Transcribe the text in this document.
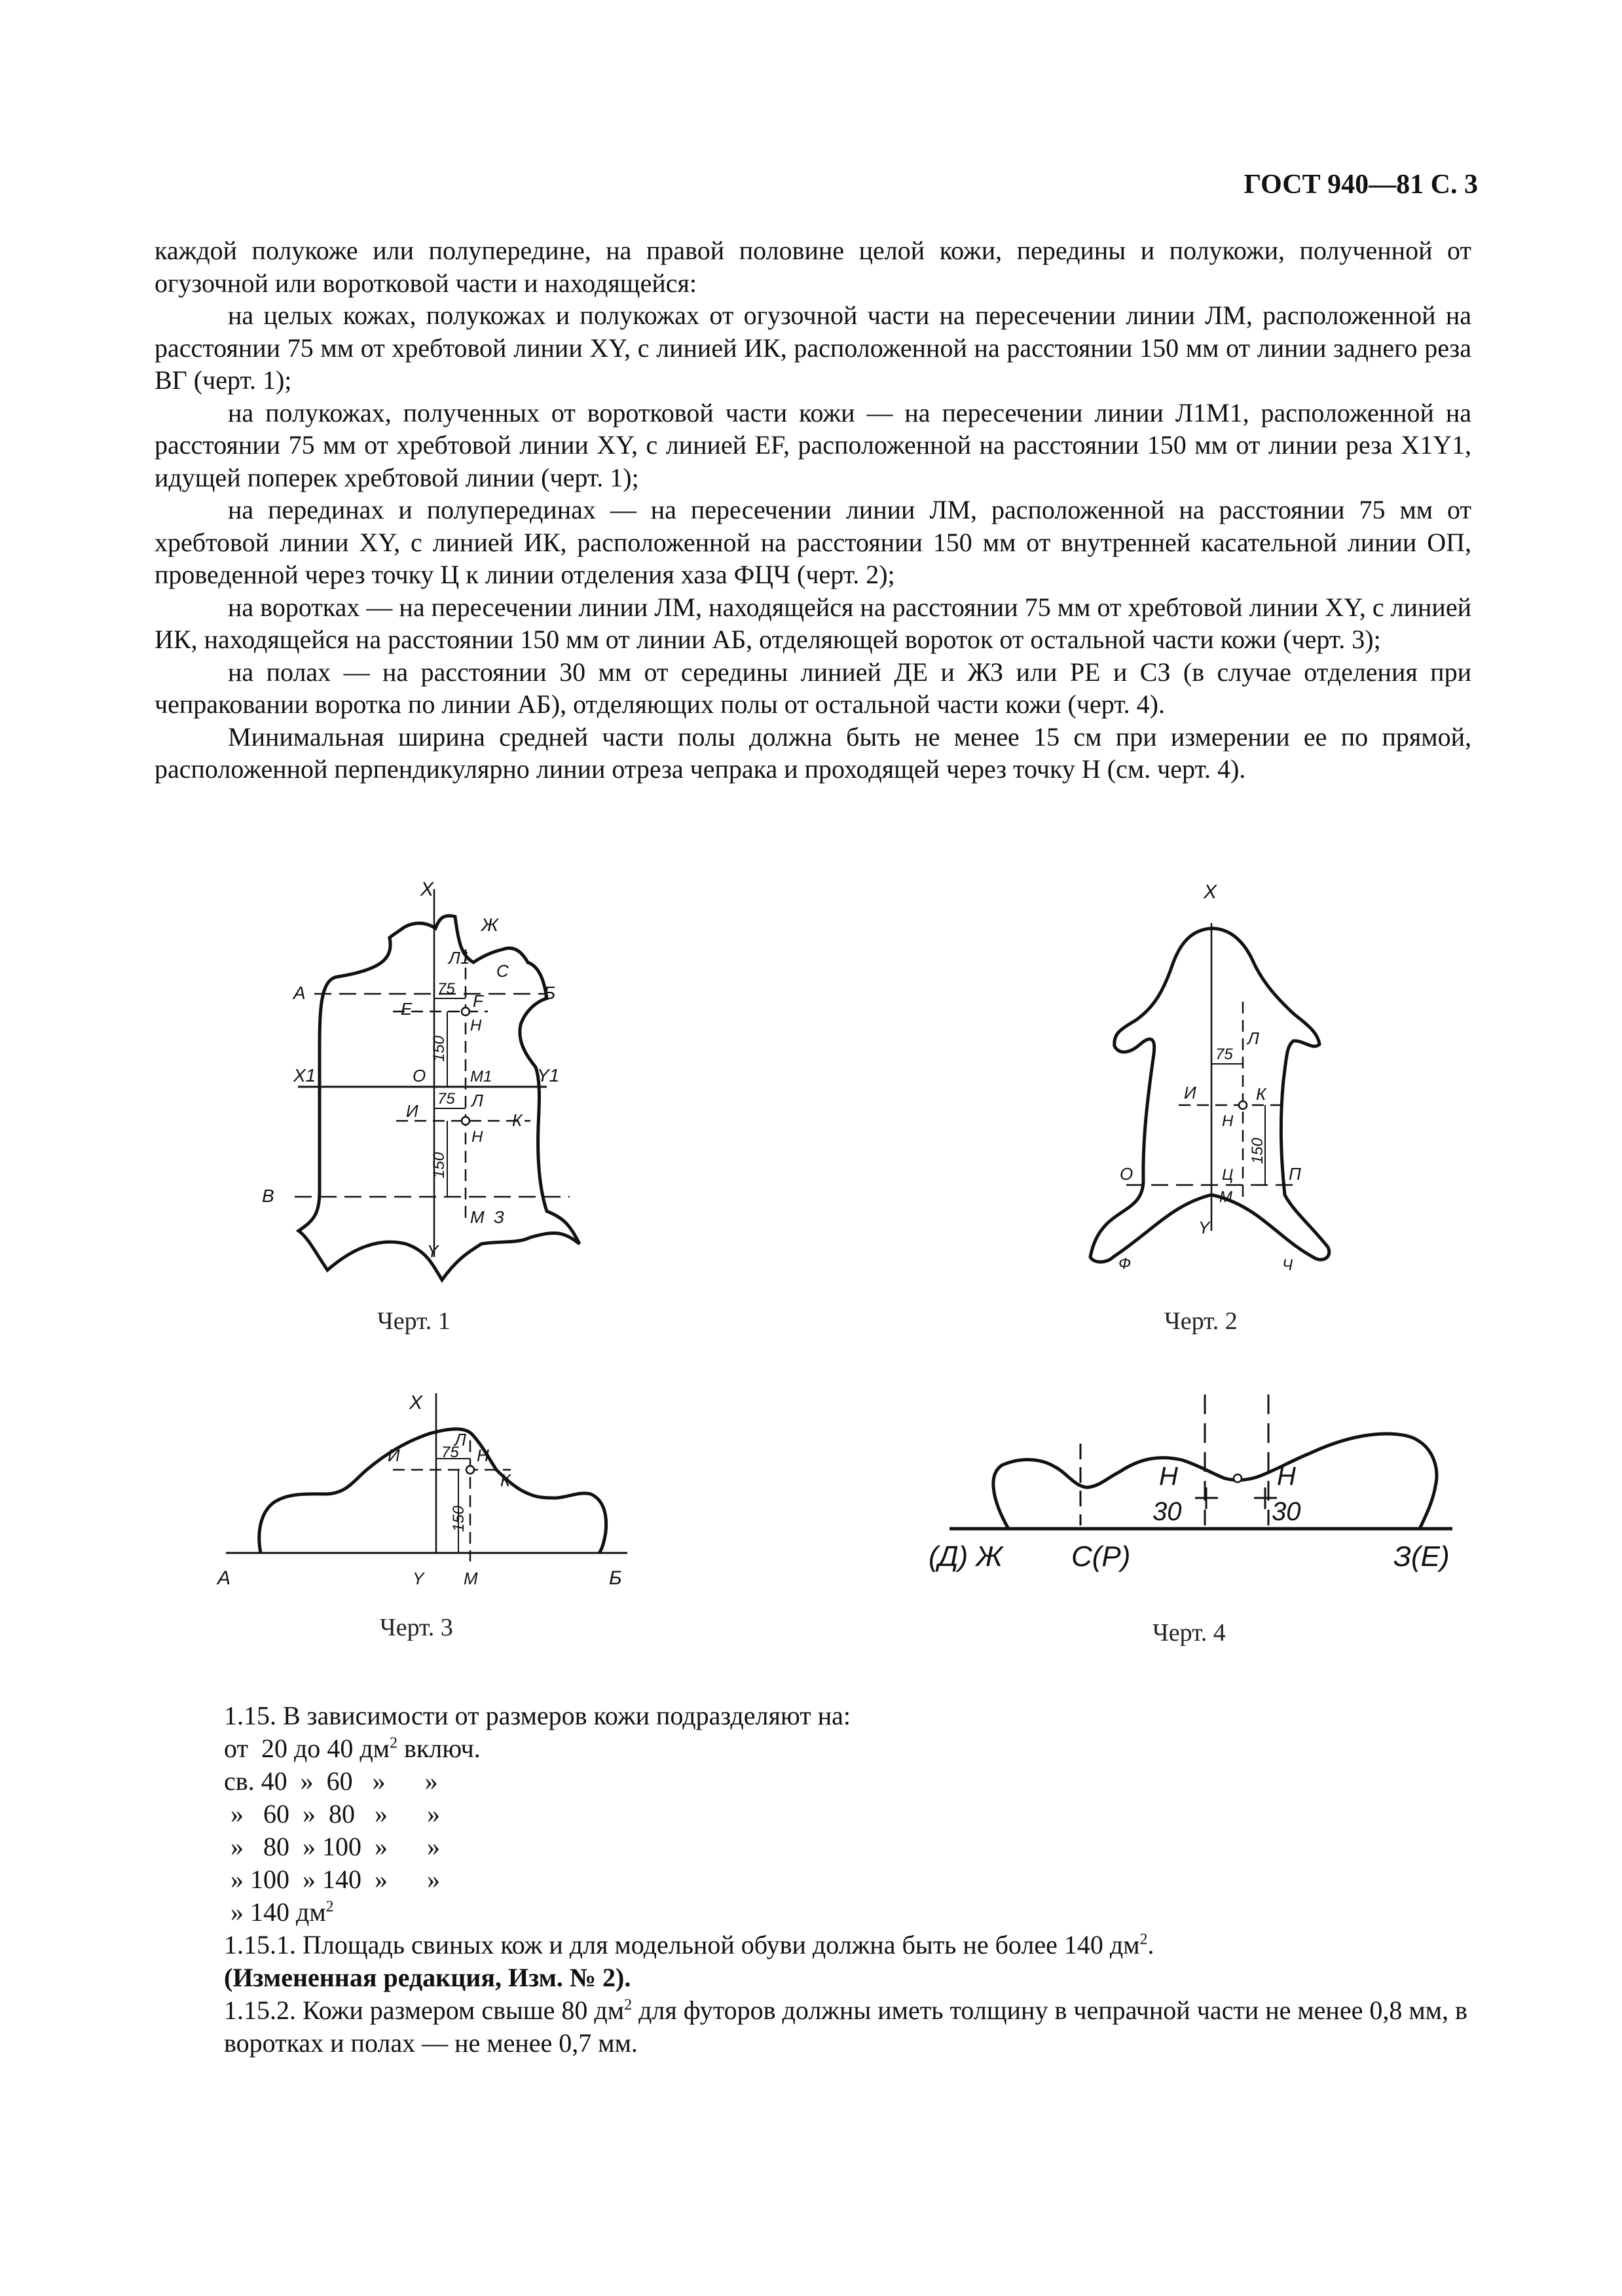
ГОСТ 940—81 С. 3

каждой полукоже или полупередине, на правой половине целой кожи, передины и полукожи, полученной от огузочной или воротковой части и находящейся:

на целых кожах, полукожах и полукожах от огузочной части на пересечении линии ЛМ, расположенной на расстоянии 75 мм от хребтовой линии XY, с линией ИК, расположенной на расстоянии 150 мм от линии заднего реза ВГ (черт. 1);

на полукожах, полученных от воротковой части кожи — на пересечении линии Л1М1, расположенной на расстоянии 75 мм от хребтовой линии XY, с линией EF, расположенной на расстоянии 150 мм от линии реза X1Y1, идущей поперек хребтовой линии (черт. 1);

на перединах и полуперединах — на пересечении линии ЛМ, расположенной на расстоянии 75 мм от хребтовой линии XY, с линией ИК, расположенной на расстоянии 150 мм от внутренней касательной линии ОП, проведенной через точку Ц к линии отделения хаза ФЦЧ (черт. 2);

на воротках — на пересечении линии ЛМ, находящейся на расстоянии 75 мм от хребтовой линии XY, с линией ИК, находящейся на расстоянии 150 мм от линии АБ, отделяющей вороток от остальной части кожи (черт. 3);

на полах — на расстоянии 30 мм от середины линией ДЕ и ЖЗ или РЕ и СЗ (в случае отделения при чепраковании воротка по линии АБ), отделяющих полы от остальной части кожи (черт. 4).

Минимальная ширина средней части полы должна быть не менее 15 см при измерении ее по прямой, расположенной перпендикулярно линии отреза чепрака и проходящей через точку Н (см. черт. 4).

X
Ж
Л1
С
А	Б
Е
75
F
Н
150
X1	О	М1 Y1
75 Л
И	К
Н
150
В
М З
Y
Черт. 1
X
Л
75
И	К
Н
150
О	Ц	П
М
Y
Ф	Ч
Черт. 2
X
Л
И	75 Н
К
150
А	Y М	Б
Черт. 3
Н	Н
30	30
(Д) Ж С(Р)	З(Е)
Черт. 4
1.15. В зависимости от размеров кожи подразделяют на:
от 20 до 40 $дм^2$ включ.
св. 40 » 60 » »
» 60 » 80 » »
» 80 » 100 » »
» 100 » 140 » »
» 140 $дм^2$
1.15.1. Площадь свиных кож и для модельной обуви должна быть не более 140 $дм^2$.
(Измененная редакция, Изм. № 2).
1.15.2. Кожи размером свыше 80 $дм^2$ для футоров должны иметь толщину в чепрачной части не менее 0,8 мм, в воротках и полах — не менее 0,7 мм.
